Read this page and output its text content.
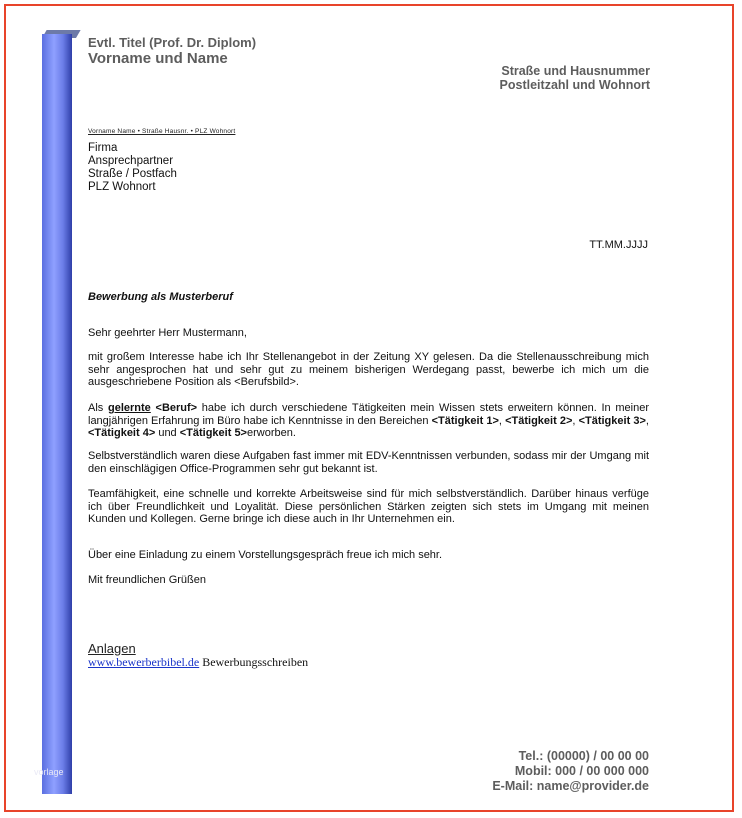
vorlage
Evtl. Titel (Prof. Dr. Diplom)
Vorname und Name
Straße und Hausnummer
Postleitzahl und Wohnort
Vorname Name • Straße Hausnr. • PLZ Wohnort
Firma
Ansprechpartner
Straße / Postfach
PLZ Wohnort
TT.MM.JJJJ
Bewerbung als Musterberuf
Sehr geehrter Herr Mustermann,
mit großem Interesse habe ich Ihr Stellenangebot in der Zeitung XY gelesen. Da die Stellenausschreibung mich sehr angesprochen hat und sehr gut zu meinem bisherigen Werdegang passt, bewerbe ich mich um die ausgeschriebene Position als <Berufsbild>.
Als gelernte <Beruf> habe ich durch verschiedene Tätigkeiten mein Wissen stets erweitern können. In meiner langjährigen Erfahrung im Büro habe ich Kenntnisse in den Bereichen <Tätigkeit 1>, <Tätigkeit 2>, <Tätigkeit 3>, <Tätigkeit 4> und <Tätigkeit 5>erworben.
Selbstverständlich waren diese Aufgaben fast immer mit EDV-Kenntnissen verbunden, sodass mir der Umgang mit den einschlägigen Office-Programmen sehr gut bekannt ist.
Teamfähigkeit, eine schnelle und korrekte Arbeitsweise sind für mich selbstverständlich. Darüber hinaus verfüge ich über Freundlichkeit und Loyalität. Diese persönlichen Stärken zeigten sich stets im Umgang mit meinen Kunden und Kollegen. Gerne bringe ich diese auch in Ihr Unternehmen ein.
Über eine Einladung zu einem Vorstellungsgespräch freue ich mich sehr.
Mit freundlichen Grüßen
Anlagen
www.bewerberbibel.de Bewerbungsschreiben
Tel.: (00000) / 00 00 00
Mobil: 000 / 00 000 000
E-Mail: name@provider.de
